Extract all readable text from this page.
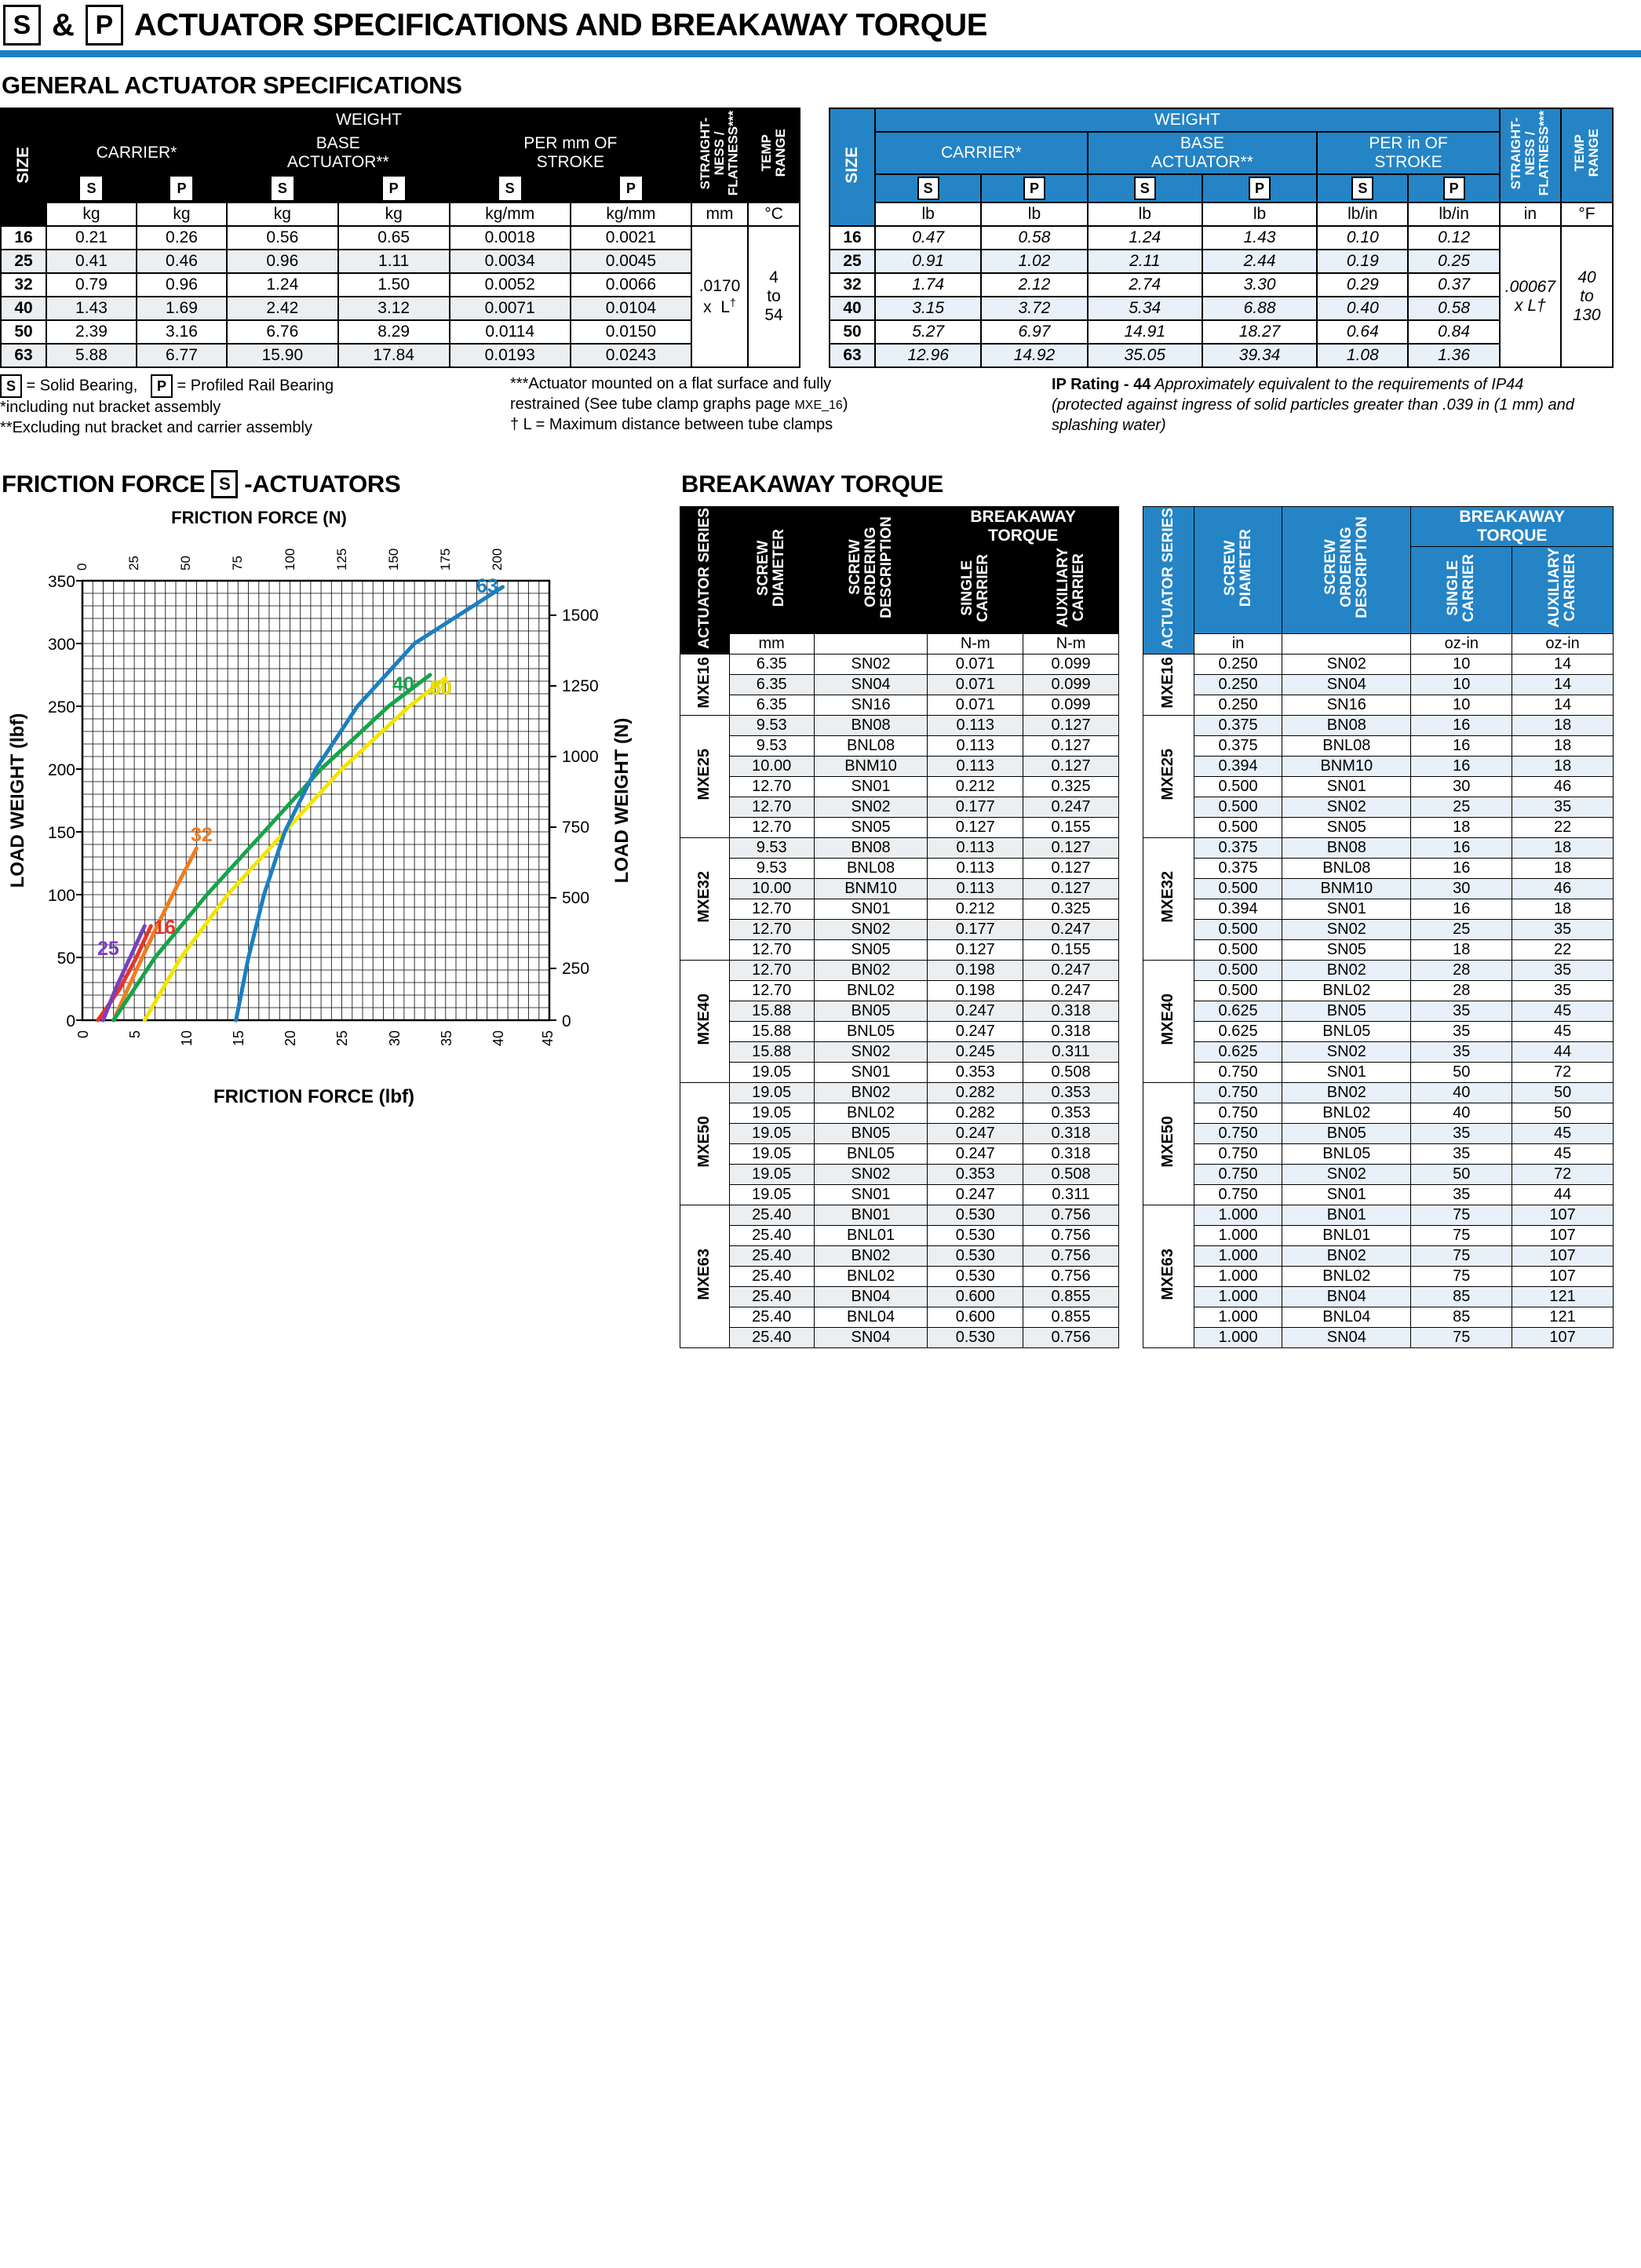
S & P ACTUATOR SPECIFICATIONS AND BREAKAWAY TORQUE
GENERAL ACTUATOR SPECIFICATIONS
SIZE	WEIGHT						STRAIGHT-
NESS /
FLATNESS***	TEMP
RANGE
	CARRIER*		BASE
ACTUATOR**		PER mm OF
STROKE			
	S	P	S	P	S	P		
	kg	kg	kg	kg	kg/mm	kg/mm	mm	°C
16	0.21	0.26	0.56	0.65	0.0018	0.0021	.0170
x  L†	4
to
54
25	0.41	0.46	0.96	1.11	0.0034	0.0045		
32	0.79	0.96	1.24	1.50	0.0052	0.0066		
40	1.43	1.69	2.42	3.12	0.0071	0.0104		
50	2.39	3.16	6.76	8.29	0.0114	0.0150		
63	5.88	6.77	15.90	17.84	0.0193	0.0243		
SIZE	WEIGHT						STRAIGHT-
NESS /
FLATNESS***	TEMP
RANGE
	CARRIER*		BASE
ACTUATOR**		PER in OF
STROKE			
	S	P	S	P	S	P		
	lb	lb	lb	lb	lb/in	lb/in	in	°F
16	0.47	0.58	1.24	1.43	0.10	0.12	.00067
x L†	40
to
130
25	0.91	1.02	2.11	2.44	0.19	0.25		
32	1.74	2.12	2.74	3.30	0.29	0.37		
40	3.15	3.72	5.34	6.88	0.40	0.58		
50	5.27	6.97	14.91	18.27	0.64	0.84		
63	12.96	14.92	35.05	39.34	1.08	1.36		
S = Solid Bearing, P = Profiled Rail Bearing
*including nut bracket assembly
**Excluding nut bracket and carrier assembly
***Actuator mounted on a flat surface and fully
restrained (See tube clamp graphs page MXE_16)
† L = Maximum distance between tube clamps
IP Rating - 44 Approximately equivalent to the requirements of IP44 (protected against ingress of solid particles greater than .039 in (1 mm) and splashing water)
FRICTION FORCE S -ACTUATORS
FRICTION FORCE (N)
0	25	50	75	100	125	150	175	200
350
300
250
200
150
100
50
0
1500
1250
1000
750
500
250
0
0	5	10	15	20	25	30	35	40 45
FRICTION FORCE (lbf)
LOAD WEIGHT (lbf)	LOAD WEIGHT (N)
16
25
32
40 50
63
BREAKAWAY TORQUE
ACTUATOR SERIES	SCREW
DIAMETER	SCREW
ORDERING
DESCRIPTION	BREAKAWAY
TORQUE	
			SINGLE
CARRIER	AUXILIARY
CARRIER
	mm		N-m	N-m
MXE16	6.35	SN02	0.071	0.099
	6.35	SN04	0.071	0.099
	6.35	SN16	0.071	0.099
MXE25	9.53	BN08	0.113	0.127
	9.53	BNL08	0.113	0.127
	10.00	BNM10	0.113	0.127
	12.70	SN01	0.212	0.325
	12.70	SN02	0.177	0.247
	12.70	SN05	0.127	0.155
MXE32	9.53	BN08	0.113	0.127
	9.53	BNL08	0.113	0.127
	10.00	BNM10	0.113	0.127
	12.70	SN01	0.212	0.325
	12.70	SN02	0.177	0.247
	12.70	SN05	0.127	0.155
MXE40	12.70	BN02	0.198	0.247
	12.70	BNL02	0.198	0.247
	15.88	BN05	0.247	0.318
	15.88	BNL05	0.247	0.318
	15.88	SN02	0.245	0.311
	19.05	SN01	0.353	0.508
MXE50	19.05	BN02	0.282	0.353
	19.05	BNL02	0.282	0.353
	19.05	BN05	0.247	0.318
	19.05	BNL05	0.247	0.318
	19.05	SN02	0.353	0.508
	19.05	SN01	0.247	0.311
MXE63	25.40	BN01	0.530	0.756
	25.40	BNL01	0.530	0.756
	25.40	BN02	0.530	0.756
	25.40	BNL02	0.530	0.756
	25.40	BN04	0.600	0.855
	25.40	BNL04	0.600	0.855
	25.40	SN04	0.530	0.756
ACTUATOR SERIES	SCREW
DIAMETER	SCREW
ORDERING
DESCRIPTION	BREAKAWAY
TORQUE	
			SINGLE
CARRIER	AUXILIARY
CARRIER
	in		oz-in	oz-in
MXE16	0.250	SN02	10	14
	0.250	SN04	10	14
	0.250	SN16	10	14
MXE25	0.375	BN08	16	18
	0.375	BNL08	16	18
	0.394	BNM10	16	18
	0.500	SN01	30	46
	0.500	SN02	25	35
	0.500	SN05	18	22
MXE32	0.375	BN08	16	18
	0.375	BNL08	16	18
	0.500	BNM10	30	46
	0.394	SN01	16	18
	0.500	SN02	25	35
	0.500	SN05	18	22
MXE40	0.500	BN02	28	35
	0.500	BNL02	28	35
	0.625	BN05	35	45
	0.625	BNL05	35	45
	0.625	SN02	35	44
	0.750	SN01	50	72
MXE50	0.750	BN02	40	50
	0.750	BNL02	40	50
	0.750	BN05	35	45
	0.750	BNL05	35	45
	0.750	SN02	50	72
	0.750	SN01	35	44
MXE63	1.000	BN01	75	107
	1.000	BNL01	75	107
	1.000	BN02	75	107
	1.000	BNL02	75	107
	1.000	BN04	85	121
	1.000	BNL04	85	121
	1.000	SN04	75	107
